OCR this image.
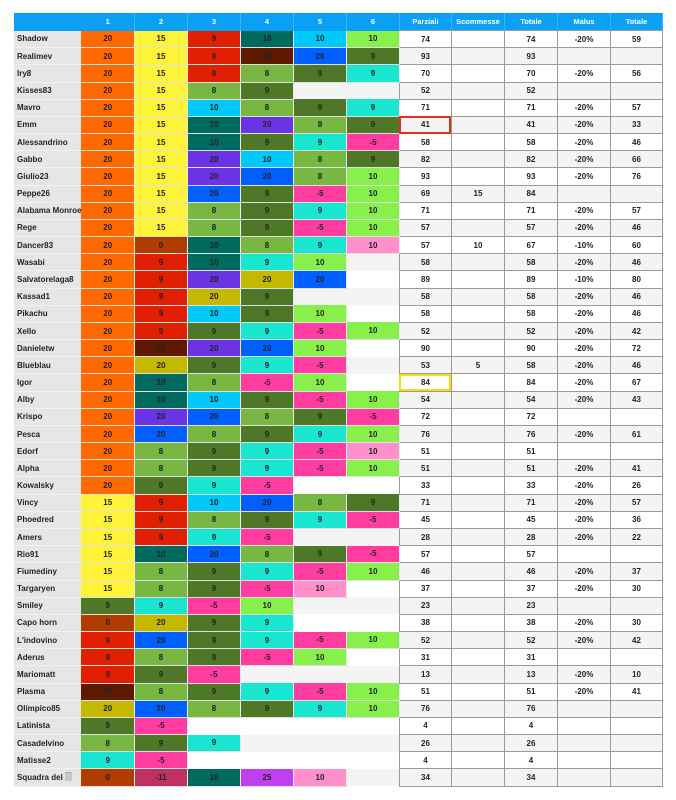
	1	2	3	4	5	6	Parziali	Scommesse	Totale	Malus	Totale
Shadow	20	15	9	10	10	10	74		74	-20%	59
Realimev	20	15	9	20	20	9	93		93		
Iry8	20	15	9	8	9	9	70		70	-20%	56
Kisses83	20	15	8	9			52		52		
Mavro	20	15	10	8	9	9	71		71	-20%	57
Emm	20	15	10	20	8	9	41		41	-20%	33
Alessandrino	20	15	10	9	9	-5	58		58	-20%	46
Gabbo	20	15	20	10	8	9	82		82	-20%	66
Giulio23	20	15	20	20	8	10	93		93	-20%	76
Peppe26	20	15	20	9	-5	10	69	15	84		
Alabama Monroe	20	15	8	9	9	10	71		71	-20%	57
Rege	20	15	8	9	-5	10	57		57	-20%	46
Dancer83	20	0	10	8	9	10	57	10	67	-10%	60
Wasabi	20	9	10	9	10		58		58	-20%	46
Salvatorelaga8	20	9	20	20	20		89		89	-10%	80
Kassad1	20	9	20	9			58		58	-20%	46
Pikachu	20	9	10	9	10		58		58	-20%	46
Xello	20	9	9	9	-5	10	52		52	-20%	42
Danieletw	20	20	20	20	10		90		90	-20%	72
Blueblau	20	20	9	9	-5		53	5	58	-20%	46
Igor	20	10	8	-5	10		84		84	-20%	67
Alby	20	10	10	9	-5	10	54		54	-20%	43
Krispo	20	20	20	8	9	-5	72		72		
Pesca	20	20	8	9	9	10	76		76	-20%	61
Edorf	20	8	9	9	-5	10	51		51		
Alpha	20	8	9	9	-5	10	51		51	-20%	41
Kowalsky	20	9	9	-5			33		33	-20%	26
Vincy	15	9	10	20	8	9	71		71	-20%	57
Phoedred	15	9	8	9	9	-5	45		45	-20%	36
Amers	15	9	9	-5			28		28	-20%	22
Rio91	15	10	20	8	9	-5	57		57		
Fiumediny	15	8	9	9	-5	10	46		46	-20%	37
Targaryen	15	8	9	-5	10		37		37	-20%	30
Smiley	9	9	-5	10			23		23		
Capo horn	0	20	9	9			38		38	-20%	30
L'indovino	9	20	9	9	-5	10	52		52	-20%	42
Aderus	9	8	9	-5	10		31		31		
Mariomatt	9	9	-5				13		13	-20%	10
Plasma	20	8	9	9	-5	10	51		51	-20%	41
Olimpico85	20	20	8	9	9	10	76		76		
Latinista	9	-5					4		4		
Casadelvino	8	9	9				26		26		
Matisse2	9	-5					4		4		
Squadra del	0	-11	10	25	10		34		34		
